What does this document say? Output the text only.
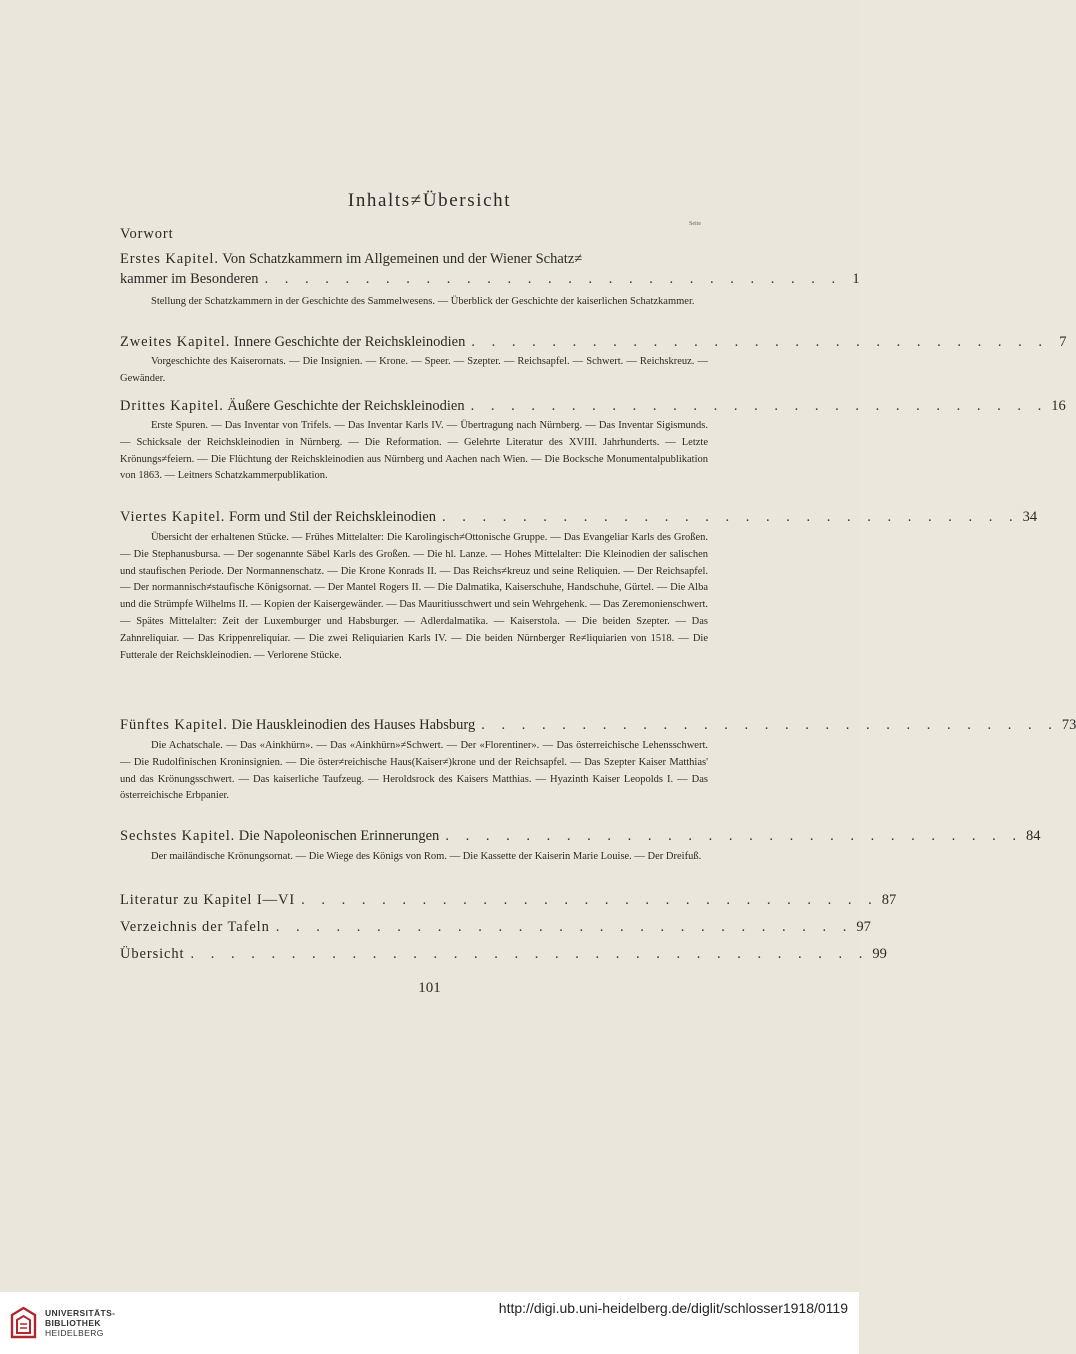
Inhalts≠Übersicht
Seite
Vorwort
Erstes Kapitel. Von Schatzkammern im Allgemeinen und der Wiener Schatz≠
kammer im Besonderen . . . . . . . . . . . . . . . . . . . . . . . . . . . . . 1
Stellung der Schatzkammern in der Geschichte des Sammelwesens. — Überblick der Geschichte der kaiserlichen Schatzkammer.
Zweites Kapitel. Innere Geschichte der Reichskleinodien . . . . . . . . . . . . . . . . . . . . . . . . . . . . . 7
Vorgeschichte des Kaiserornats. — Die Insignien. — Krone. — Speer. — Szepter. — Reichsapfel. — Schwert. — Reichskreuz. — Gewänder.
Drittes Kapitel. Äußere Geschichte der Reichskleinodien . . . . . . . . . . . . . . . . . . . . . . . . . . . . . 16
Erste Spuren. — Das Inventar von Trifels. — Das Inventar Karls IV. — Übertragung nach Nürnberg. — Das Inventar Sigismunds. — Schicksale der Reichskleinodien in Nürnberg. — Die Reformation. — Gelehrte Literatur des XVIII. Jahrhunderts. — Letzte Krönungs≠feiern. — Die Flüchtung der Reichskleinodien aus Nürnberg und Aachen nach Wien. — Die Bocksche Monumentalpublikation von 1863. — Leitners Schatzkammerpublikation.
Viertes Kapitel. Form und Stil der Reichskleinodien . . . . . . . . . . . . . . . . . . . . . . . . . . . . . 34
Übersicht der erhaltenen Stücke. — Frühes Mittelalter: Die Karolingisch≠Ottonische Gruppe. — Das Evangeliar Karls des Großen. — Die Stephanusbursa. — Der sogenannte Säbel Karls des Großen. — Die hl. Lanze. — Hohes Mittelalter: Die Kleinodien der salischen und staufischen Periode. Der Normannenschatz. — Die Krone Konrads II. — Das Reichs≠kreuz und seine Reliquien. — Der Reichsapfel. — Der normannisch≠staufische Königsornat. — Der Mantel Rogers II. — Die Dalmatika, Kaiserschuhe, Handschuhe, Gürtel. — Die Alba und die Strümpfe Wilhelms II. — Kopien der Kaisergewänder. — Das Mauritiusschwert und sein Wehrgehenk. — Das Zeremonienschwert. — Spätes Mittelalter: Zeit der Luxemburger und Habsburger. — Adlerdalmatika. — Kaiserstola. — Die beiden Szepter. — Das Zahnreliquiar. — Das Krippenreliquiar. — Die zwei Reliquiarien Karls IV. — Die beiden Nürnberger Re≠liquiarien von 1518. — Die Futterale der Reichskleinodien. — Verlorene Stücke.
Fünftes Kapitel. Die Hauskleinodien des Hauses Habsburg . . . . . . . . . . . . . . . . . . . . . . . . . . . . . 73
Die Achatschale. — Das «Ainkhürn». — Das «Ainkhürn»≠Schwert. — Der «Florentiner». — Das österreichische Lehensschwert. — Die Rudolfinischen Kroninsignien. — Die öster≠reichische Haus(Kaiser≠)krone und der Reichsapfel. — Das Szepter Kaiser Matthias' und das Krönungsschwert. — Das kaiserliche Taufzeug. — Heroldsrock des Kaisers Matthias. — Hyazinth Kaiser Leopolds I. — Das österreichische Erbpanier.
Sechstes Kapitel. Die Napoleonischen Erinnerungen . . . . . . . . . . . . . . . . . . . . . . . . . . . . . 84
Der mailändische Krönungsornat. — Die Wiege des Königs von Rom. — Die Kassette der Kaiserin Marie Louise. — Der Dreifuß.
Literatur zu Kapitel I—VI . . . . . . . . . . . . . . . . . . . . . . . . . . . . . 87
Verzeichnis der Tafeln . . . . . . . . . . . . . . . . . . . . . . . . . . . . . 97
Übersicht . . . . . . . . . . . . . . . . . . . . . . . . . . . . . . . . . . 99
101
UNIVERSITÄTS-
BIBLIOTHEK
HEIDELBERG
http://digi.ub.uni-heidelberg.de/diglit/schlosser1918/0119
